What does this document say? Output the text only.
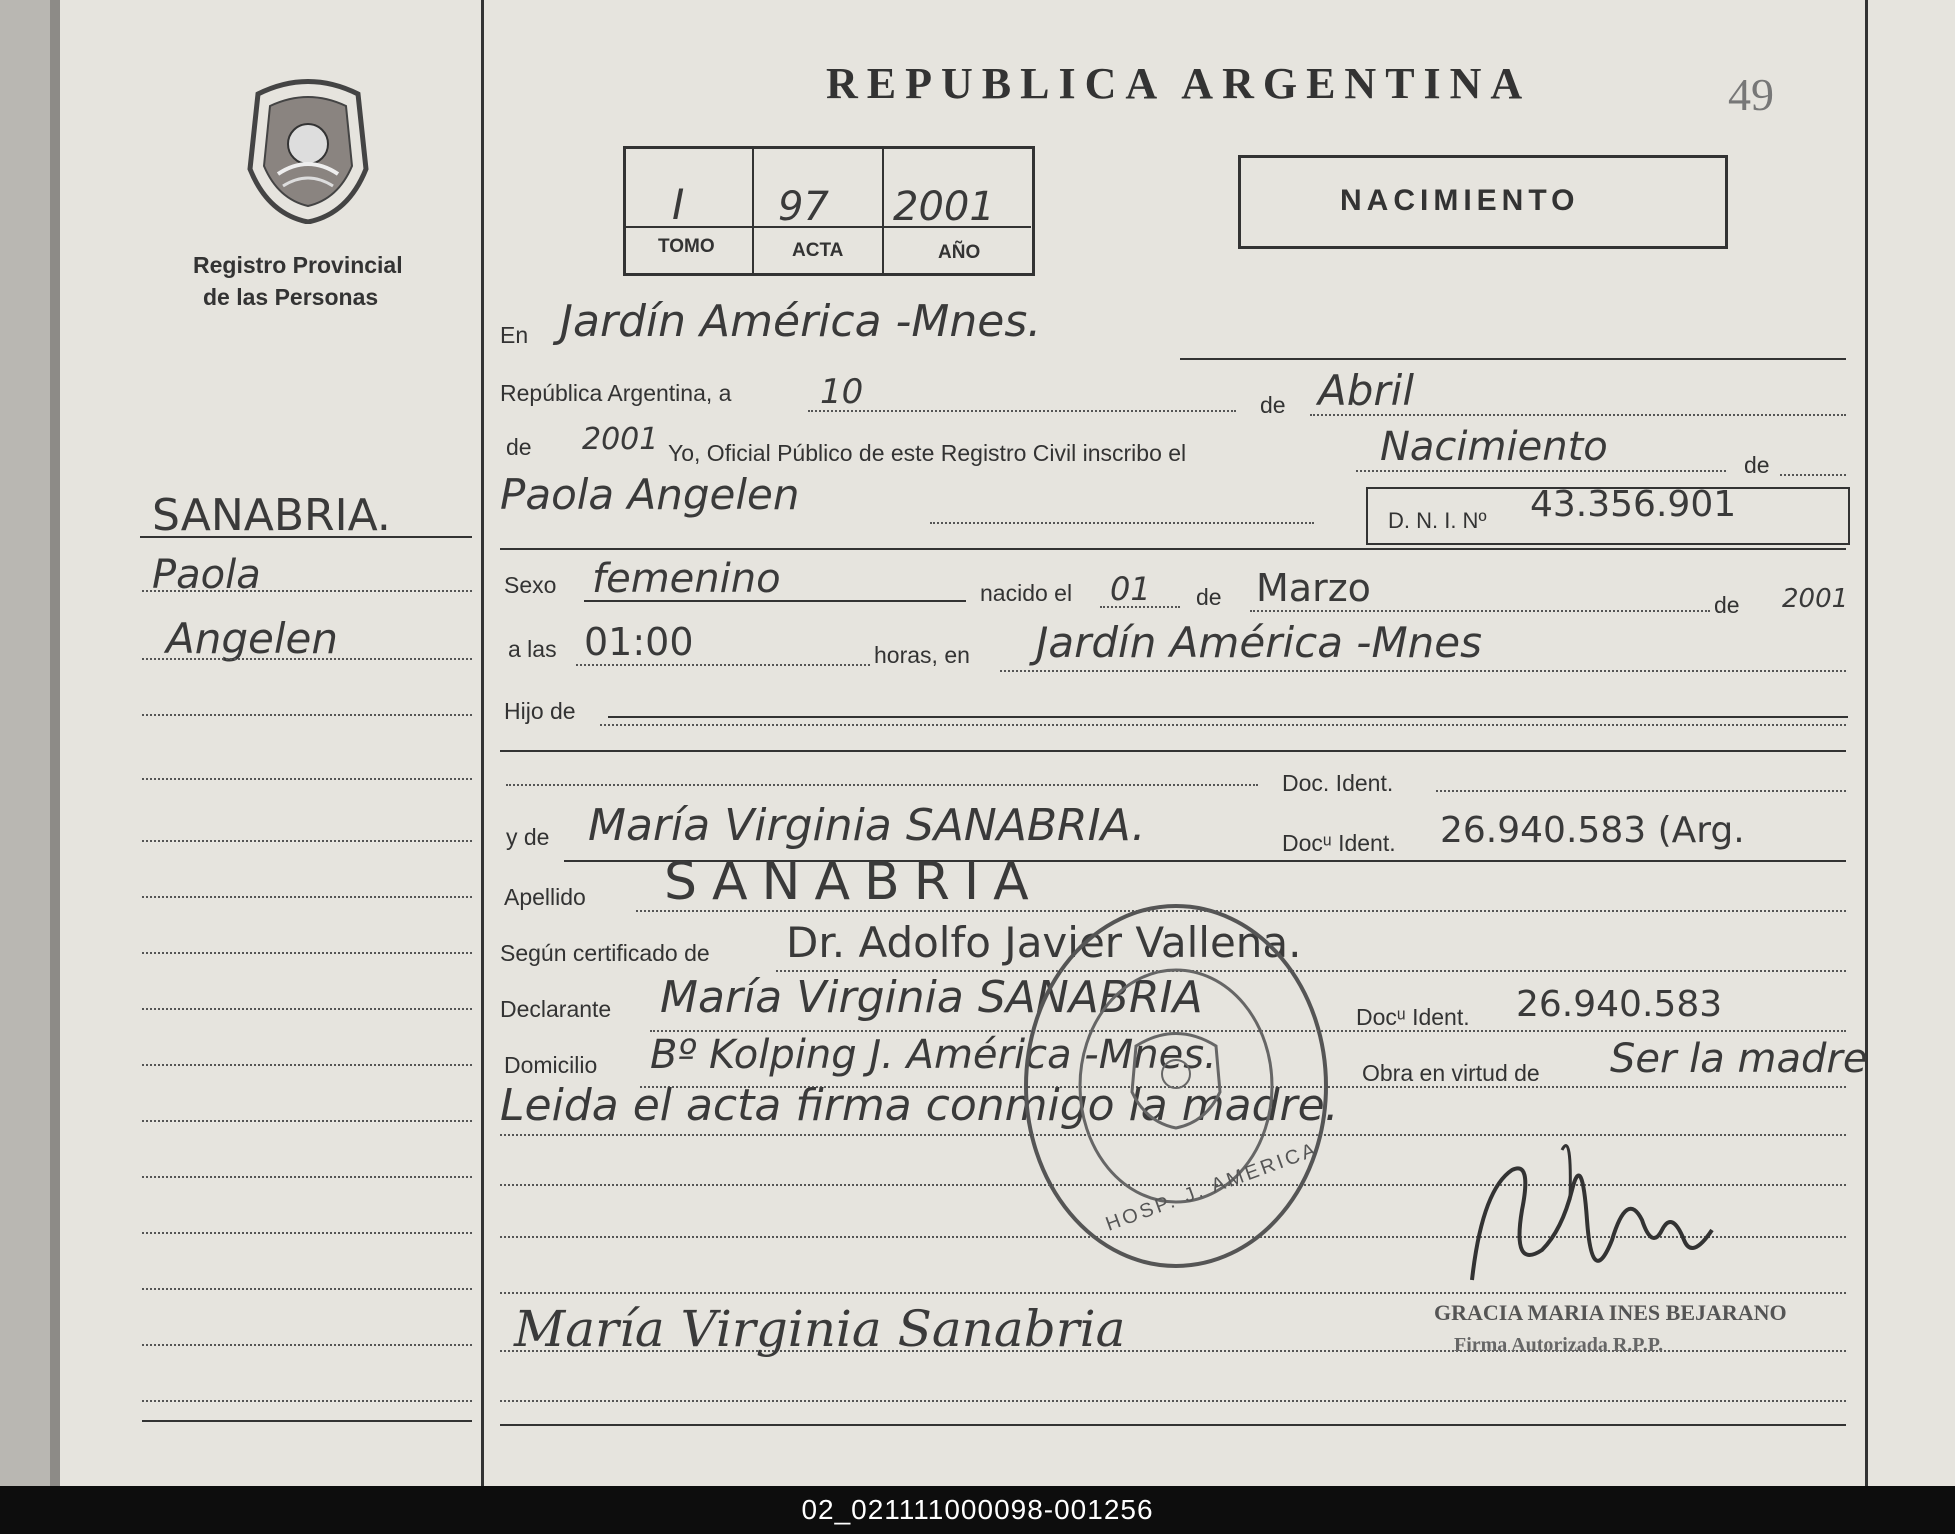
REPUBLICA ARGENTINA	49
Registro Provincial
de las Personas
I 97 2001
TOMO	ACTA	AÑO
NACIMIENTO
SANABRIA.
Paola
Angelen
En Jardín América -Mnes.
República Argentina, a	10	de Abril
de 2001 Yo, Oficial Público de este Registro Civil inscribo el	Nacimiento	de
Paola Angelen
D. N. I. Nº 43.356.901
Sexo femenino	nacido el 01 de Marzo	de 2001
a las 01:00	horas, en Jardín América -Mnes
Hijo de
Doc. Ident.
y de María Virginia SANABRIA.	Docᵘ Ident. 26.940.583 (Arg.
Apellido SANABRIA
Según certificado de Dr. Adolfo Javier Vallena.
Declarante María Virginia SANABRIA	Docᵘ Ident. 26.940.583
Domicilio Bº Kolping J. América -Mnes.	Obra en virtud de Ser la madre
Leida el acta firma conmigo la madre.
HOSP. J. AMERICA
María Virginia Sanabria	GRACIA MARIA INES BEJARANO
Firma Autorizada R.P.P.
02_021111000098-001256
